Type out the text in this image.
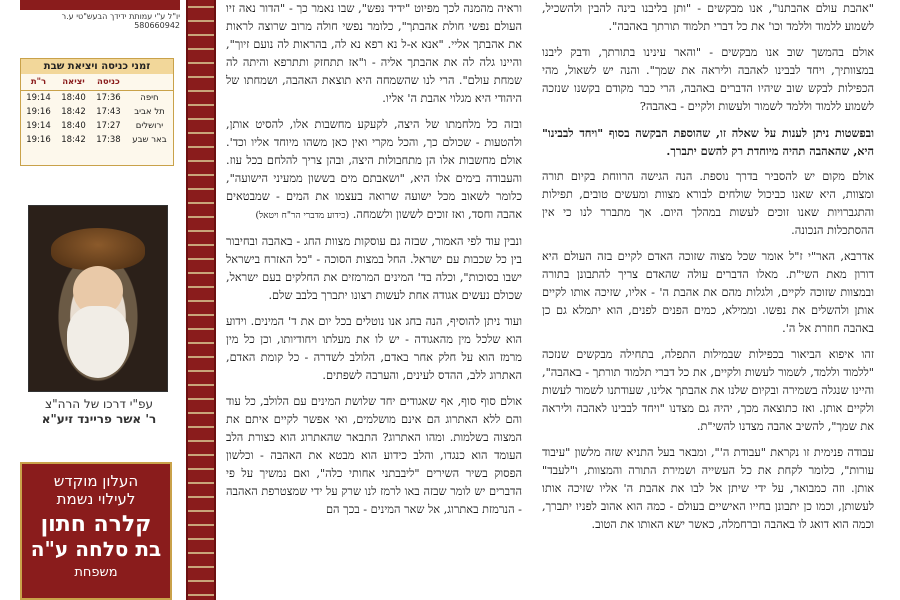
יו"ל ע"י עמותת ידידך הבעש"טי ע.ר 580660942
זמני כניסה ויציאת שבת
	כניסה	יציאה	ר"ת
חיפה	17:36	18:40	19:14
תל אביב	17:43	18:42	19:16
ירושלים	17:27	18:40	19:14
באר שבע	17:38	18:42	19:16
עפ"י דרכו של הרה"צ
ר' אשר פריינד זיע"א
העלון מוקדש
לעילוי נשמת
קלרה חתון
בת סלחה ע"ה
משפחת

וראיה מהמנה לכך מפיוט "ידיד נפש", שבו נאמר כך - "הדור נאה זיו העולם נפשי חולת אהבתך", כלומר נפשי חולה מרוב שרוצה לראות את אהבתך אליי. "אנא א-ל נא רפא נא לה, בהראות לה נועם זיוך", והיינו גלה לה את אהבתך אליה - ו"אז תתחזק ותתרפא והיתה לה שמחת עולם". הרי לנו שהשמחה היא תוצאת האהבה, ושמחתו של היהודי היא מגלוי אהבת ה' אליו.

ובזה כל מלחמתו של היצה, לקעקע מחשבות אלו, להסיט אותן, ולהטעות - שכולם כך, והכל מקרי ואין כאן משהו מיוחד אליו וכד'. אולם מחשבות אלו הן מתחבולות היצה, ובהן צריך להלחם בכל עוז. והעבודה בימים אלו היא, "ושאבתם מים בששון ממעיני הישועה", כלומר לשאוב מכל ישועה שרואה בעצמו את המים - שמבטאים אהבה וחסד, ואז זוכים לששון ולשמחה. (כידוע מדברי הר"ח ויטאל)

ונבין עוד לפי האמור, שבזה גם עוסקות מצוות החג - באהבה ובחיבור בין כל שכבות עם ישראל. החל במצות הסוכה - "כל האזרח בישראל ישבו בסוכות", וכלה בד' המינים המרמזים את החלקים בעם ישראל, שכולם נעשים אגודה אחת לעשות רצונו יתברך בלבב שלם.

ועוד ניתן להוסיף, הנה בחג אנו נוטלים בכל יום את ד' המינים. וידוע הוא שלכל מין מהאגודה - יש לו את מעלתו ויחודיותו, וכן כל מין מרמז הוא על חלק אחר באדם, הלולב לשדרה - כל קומת האדם, האתרוג ללב, ההדס לעינים, והערבה לשפתים.

אולם סוף סוף, אף שאגודים יחד שלושת המינים עם הלולב, כל עוד והם ללא האתרוג הם אינם מושלמים, ואי אפשר לקיים איתם את המצוה בשלמות. ומהו האתרוג? התבאר שהאתרוג הוא כצורת הלב העומד הוא כנגדו, והלב כידוע הוא מבטא את האהבה - וכלשון הפסוק בשיר השירים "ליבבתני אחותי כלה", ואם נמשיך על פי הדברים יש לומר שבזה באו לרמז לנו שרק על ידי שמצטרפת האהבה - הנרמזת באתרוג, אל שאר המינים - בכך הם

"אהבת עולם אהבתנו", אנו מבקשים - "ותן בליבנו בינה להבין ולהשכיל, לשמוע ללמוד וללמד וכו' את כל דברי תלמוד תורתך באהבה".

אולם בהמשך שוב אנו מבקשים - "והאר עינינו בתורתך, ודבק ליבנו במצוותיך, ויחד לבבינו לאהבה וליראה את שמך". והנה יש לשאול, מהי הכפילות לבקש שוב שיהיו הדברים באהבה, הרי כבר מקודם בקשנו שנזכה לשמוע ללמוד וללמד לשמור ולעשות ולקיים - באהבה?

ובפשטות ניתן לענות על שאלה זו, שהוספת הבקשה בסוף "ויחד לבבינו" היא, שהאהבה תהיה מיוחדת רק להשם יתברך.

אולם מקום יש להסביר בדרך נוספת. הנה הגישה הרווחת בקיום תורה ומצוות, היא שאנו כביכול שולחים לבורא מצוות ומעשים טובים, תפילות והתגברויות שאנו זוכים לעשות במהלך היום. אך מתברר לנו כי אין ההסתכלות הנכונה.

אדרבא, האר"י ז"ל אומר שכל מצוה שזוכה האדם לקיים בזה העולם היא דורון מאת השי"ת. מאלו הדברים עולה שהאדם צריך להתבונן בתורה ובמצוות שזוכה לקיים, ולגלות מהם את אהבת ה' - אליו, שזיכה אותו לקיים אותן ולהשלים את נפשו. וממילא, כמים הפנים לפנים, הוא יתמלא גם כן באהבה חוזרת אל ה'.

זהו איפוא הביאור בכפילות שבמילות התפלה, בתחילה מבקשים שנזכה "ללמוד וללמד, לשמור לעשות ולקיים, את כל דברי תלמוד תורתך - באהבה", והיינו שנגלה בשמירה ובקיום שלנו את אהבתך אלינו, שעודתנו לשמור לעשות ולקיים אותן. ואז כתוצאה מכך, יהיה גם מצדנו "ויחד לבבינו לאהבה וליראה את שמך", להשיב אהבה מצדנו להשי"ת.

עבודה פנימית זו נקראת "עבודת ה'", ומבאר בעל התניא שזה מלשון "עיבוד עורות", כלומר לקחת את כל העשייה ושמירת התורה והמצוות, ו"לעבד" אותן. וזה כמבואר, על ידי שיתן אל לבו את אהבת ה' אליו שזיכה אותו לעשותן, וכמו כן יתבונן בחייו האישיים בעולם - כמה הוא אהוב לפניו יתברך, וכמה הוא דואג לו באהבה וברחמלה, כאשר ישא האותו את הטוב.
